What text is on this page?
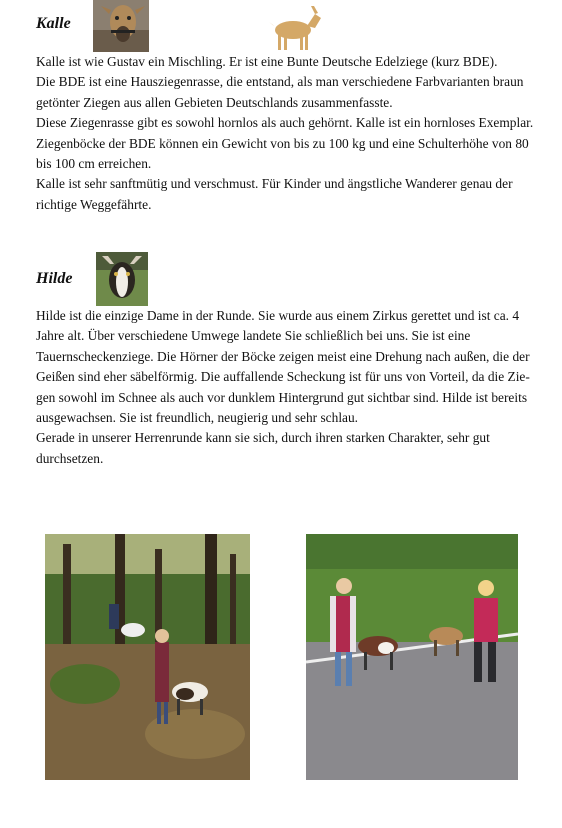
Kalle

Kalle ist wie Gustav ein Mischling. Er ist eine Bunte Deutsche Edelziege (kurz BDE).

Die BDE ist eine Hausziegenrasse, die entstand, als man verschiedene Farbvarianten braun getönter Ziegen aus allen Gebieten Deutschlands zusammenfasste.

Diese Ziegenrasse gibt es sowohl hornlos als auch gehörnt. Kalle ist ein hornloses Exemplar. Ziegenböcke der BDE können ein Gewicht von bis zu 100 kg und eine Schulterhöhe von 80 bis 100 cm erreichen.

Kalle ist sehr sanftmütig und verschmust. Für Kinder und ängstliche Wanderer genau der richtige Weggefährte.

Hilde

Hilde ist die einzige Dame in der Runde. Sie wurde aus einem Zirkus gerettet und ist ca. 4 Jahre alt. Über verschiedene Umwege landete Sie schließlich bei uns. Sie ist eine Tauernscheckenziege. Die Hörner der Böcke zeigen meist eine Drehung nach außen, die der Geißen sind eher säbelförmig. Die auffallende Scheckung ist für uns von Vorteil, da die Ziegen sowohl im Schnee als auch vor dunklem Hintergrund gut sichtbar sind. Hilde ist bereits ausgewachsen. Sie ist freundlich, neugierig und sehr schlau.

Gerade in unserer Herrenrunde kann sie sich, durch ihren starken Charakter, sehr gut durchsetzen.
